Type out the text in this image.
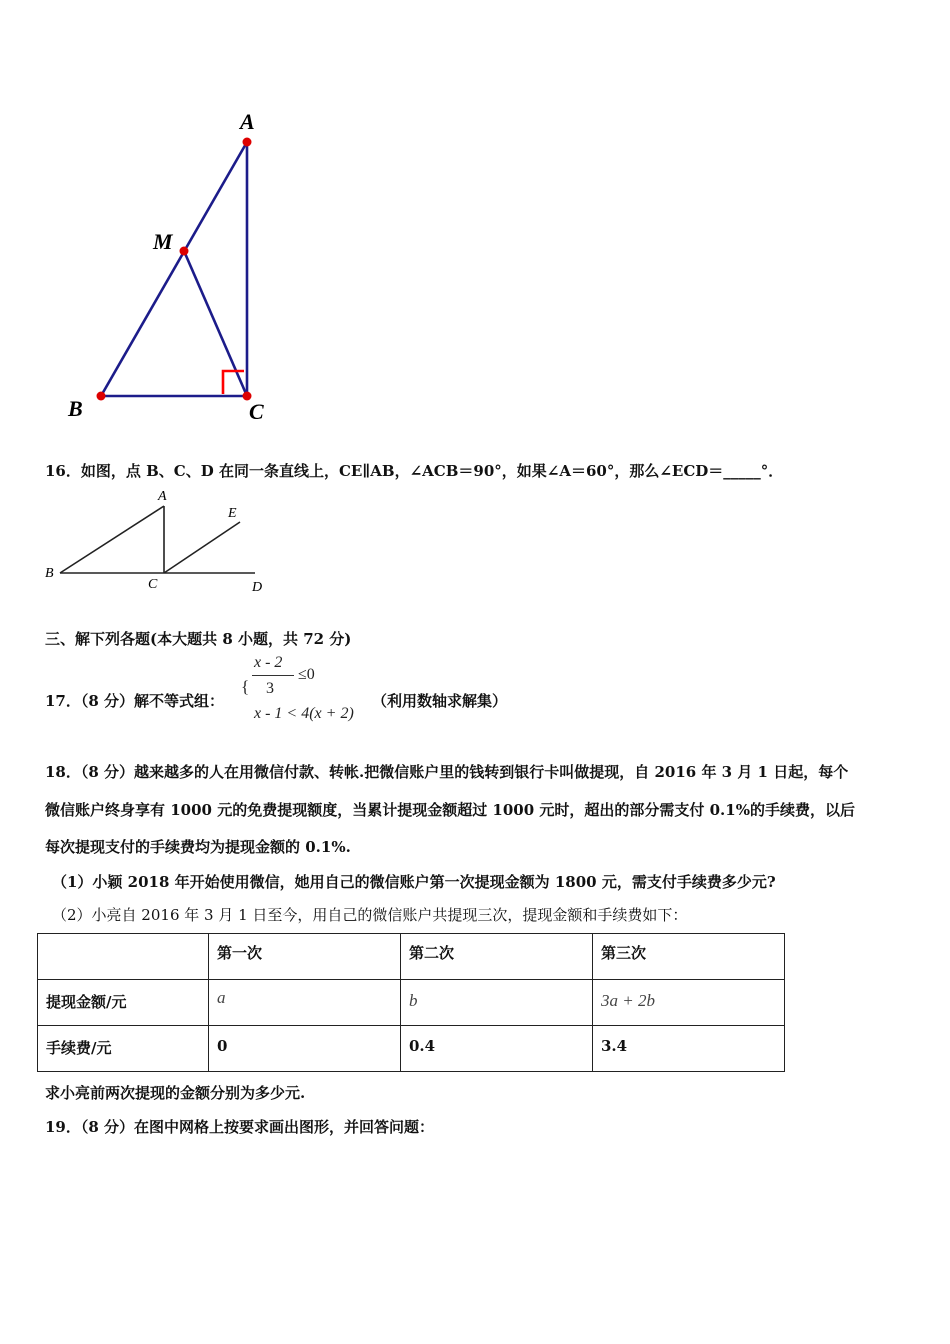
A
M
B	C
16．如图，点 B、C、D 在同一条直线上，CE∥AB，∠ACB＝90°，如果∠A＝60°，那么∠ECD＝_____°．
A
B
C	D
E
三、解下列各题(本大题共 8 小题，共 72 分)
17．（8 分）解不等式组：
{
x - 2
3
≤0
x - 1 < 4(x + 2)
（利用数轴求解集）
18．（8 分）越来越多的人在用微信付款、转帐.把微信账户里的钱转到银行卡叫做提现，自 2016 年 3 月 1 日起，每个
微信账户终身享有 1000 元的免费提现额度，当累计提现金额超过 1000 元时，超出的部分需支付 0.1%的手续费，以后
每次提现支付的手续费均为提现金额的 0.1%.
（1）小颖 2018 年开始使用微信，她用自己的微信账户第一次提现金额为 1800 元，需支付手续费多少元?
（2）小亮自 2016 年 3 月 1 日至今，用自己的微信账户共提现三次，提现金额和手续费如下：
	第一次	第二次	第三次
提现金额/元	a	b	3a + 2b
手续费/元	0	0.4	3.4
求小亮前两次提现的金额分别为多少元.
19．（8 分）在图中网格上按要求画出图形，并回答问题：
